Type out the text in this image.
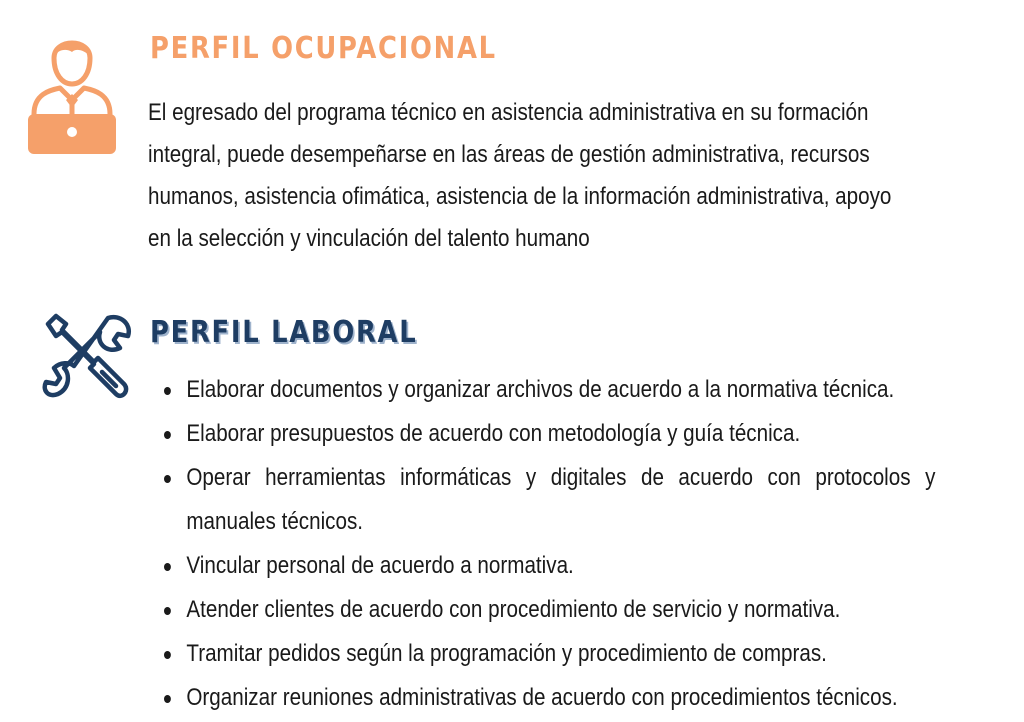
PERFIL OCUPACIONAL

El egresado del programa técnico en asistencia administrativa en su formación
integral, puede desempeñarse en las áreas de gestión administrativa, recursos
humanos, asistencia ofimática, asistencia de la información administrativa, apoyo
en la selección y vinculación del talento humano

PERFIL LABORAL
Elaborar documentos y organizar archivos de acuerdo a la normativa técnica.
Elaborar presupuestos de acuerdo con metodología y guía técnica.
Operar herramientas informáticas y digitales de acuerdo con protocolos y manuales técnicos.
Vincular personal de acuerdo a normativa.
Atender clientes de acuerdo con procedimiento de servicio y normativa.
Tramitar pedidos según la programación y procedimiento de compras.
Organizar reuniones administrativas de acuerdo con procedimientos técnicos.
